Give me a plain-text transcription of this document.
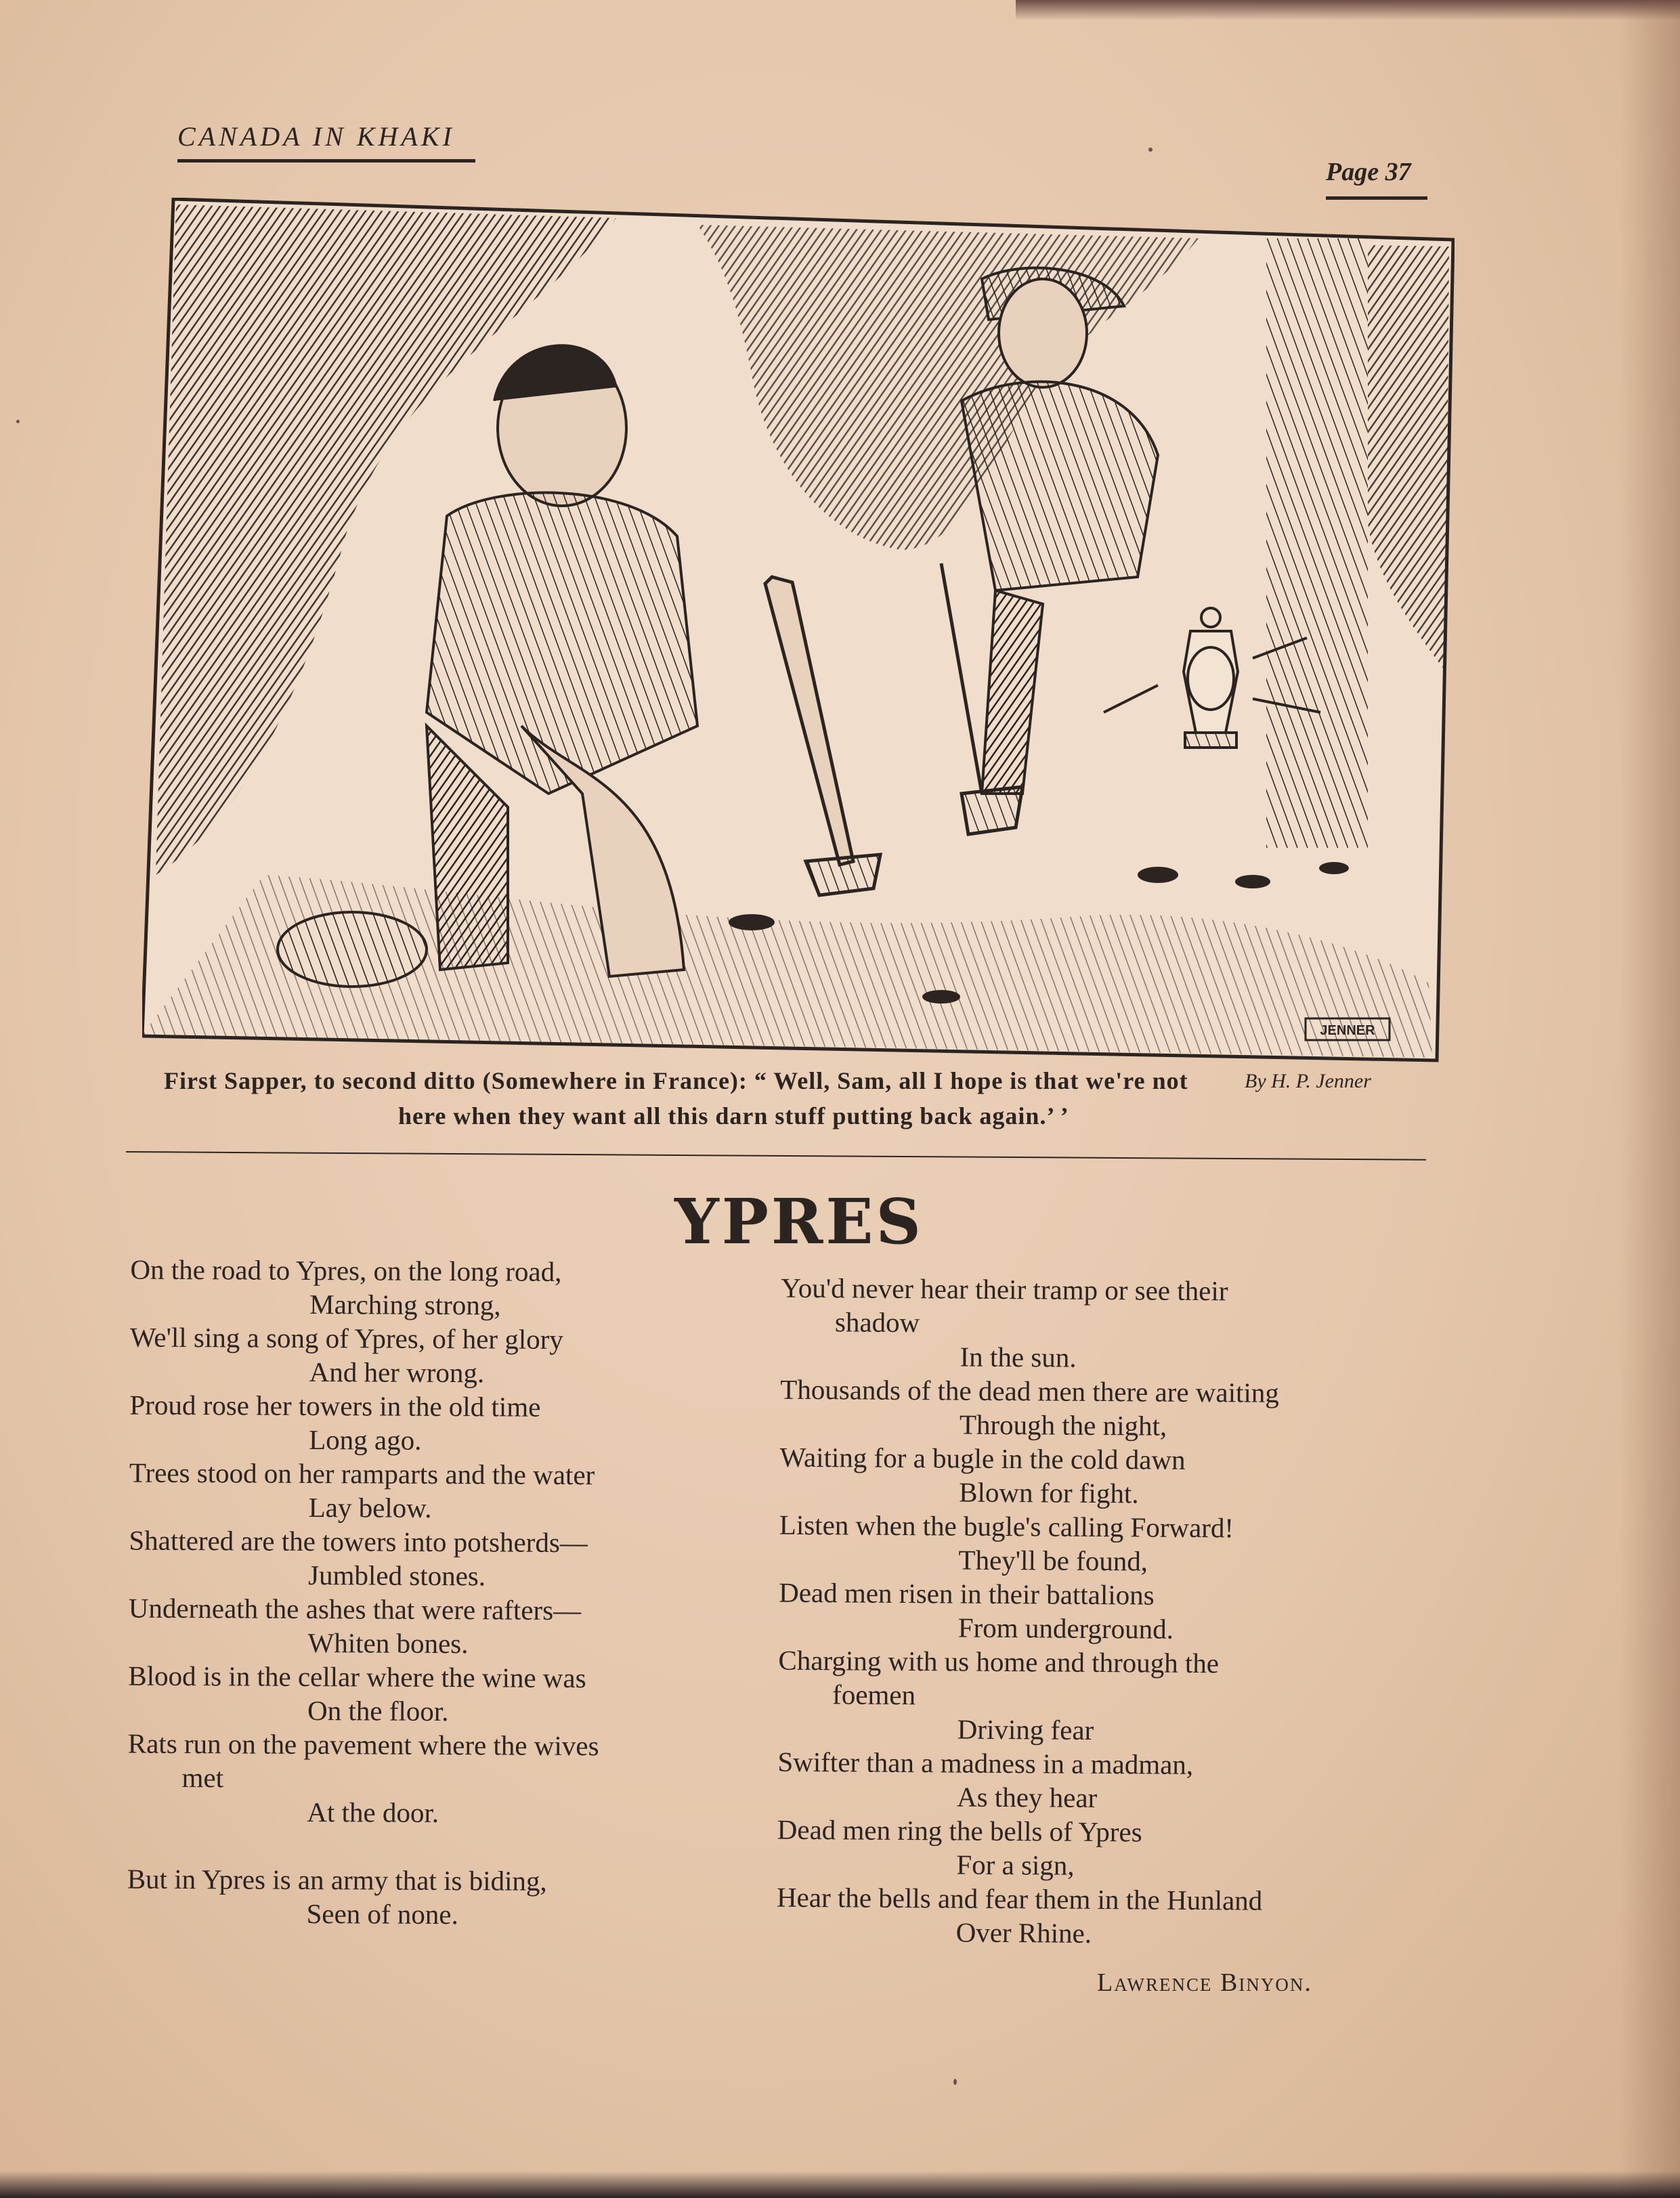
CANADA IN KHAKI
Page 37
JENNER
By H. P. Jenner
First Sapper, to second ditto (Somewhere in France): “ Well, Sam, all I hope is that we're not
here when they want all this darn stuff putting back again.’ ’
YPRES
On the road to Ypres, on the long road,
Marching strong,
We'll sing a song of Ypres, of her glory
And her wrong.
Proud rose her towers in the old time
Long ago.
Trees stood on her ramparts and the water
Lay below.
Shattered are the towers into potsherds—
Jumbled stones.
Underneath the ashes that were rafters—
Whiten bones.
Blood is in the cellar where the wine was
On the floor.
Rats run on the pavement where the wives
met
At the door.
But in Ypres is an army that is biding,
Seen of none.
You'd never hear their tramp or see their
shadow
In the sun.
Thousands of the dead men there are waiting
Through the night,
Waiting for a bugle in the cold dawn
Blown for fight.
Listen when the bugle's calling Forward!
They'll be found,
Dead men risen in their battalions
From underground.
Charging with us home and through the
foemen
Driving fear
Swifter than a madness in a madman,
As they hear
Dead men ring the bells of Ypres
For a sign,
Hear the bells and fear them in the Hunland
Over Rhine.
Lawrence Binyon.
